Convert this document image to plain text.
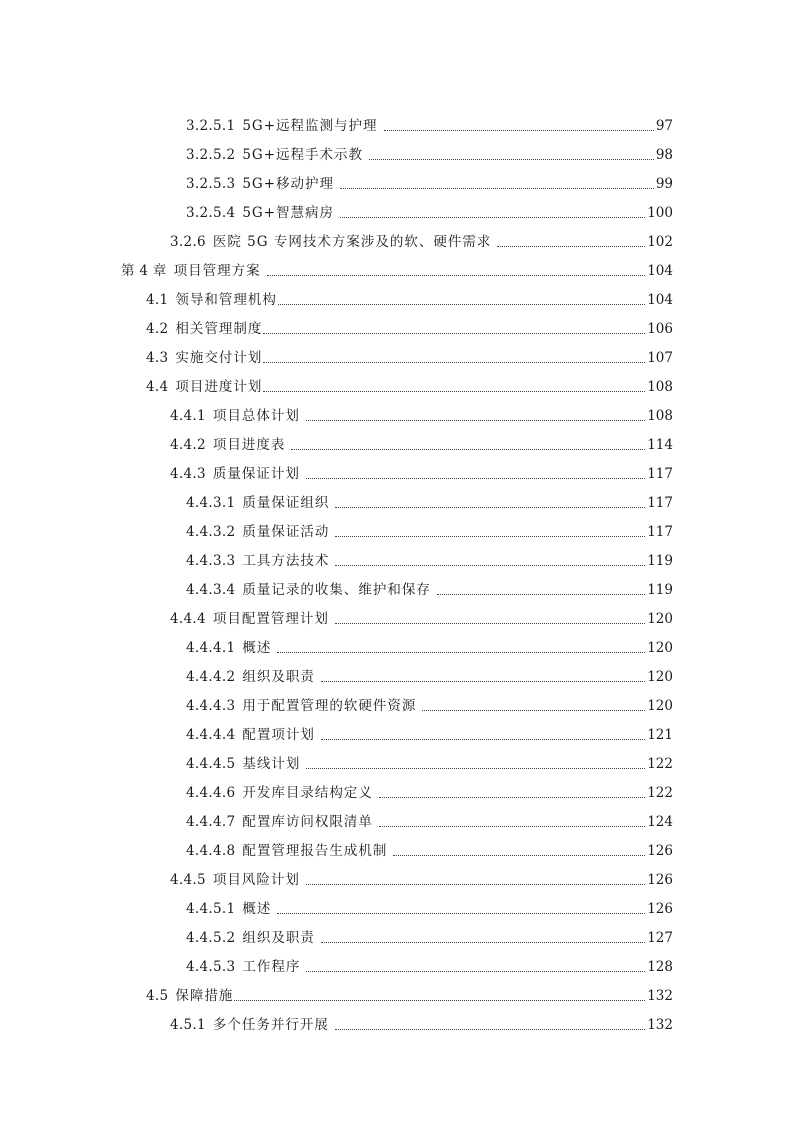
3.2.5.1 5G+远程监测与护理	97
3.2.5.2 5G+远程手术示教	98
3.2.5.3 5G+移动护理	99
3.2.5.4 5G+智慧病房	100
3.2.6 医院 5G 专网技术方案涉及的软、硬件需求	102
第 4 章 项目管理方案	104
4.1 领导和管理机构	104
4.2 相关管理制度	106
4.3 实施交付计划	107
4.4 项目进度计划	108
4.4.1 项目总体计划	108
4.4.2 项目进度表	114
4.4.3 质量保证计划	117
4.4.3.1 质量保证组织	117
4.4.3.2 质量保证活动	117
4.4.3.3 工具方法技术	119
4.4.3.4 质量记录的收集、维护和保存	119
4.4.4 项目配置管理计划	120
4.4.4.1 概述	120
4.4.4.2 组织及职责	120
4.4.4.3 用于配置管理的软硬件资源	120
4.4.4.4 配置项计划	121
4.4.4.5 基线计划	122
4.4.4.6 开发库目录结构定义	122
4.4.4.7 配置库访问权限清单	124
4.4.4.8 配置管理报告生成机制	126
4.4.5 项目风险计划	126
4.4.5.1 概述	126
4.4.5.2 组织及职责	127
4.4.5.3 工作程序	128
4.5 保障措施	132
4.5.1 多个任务并行开展	132
